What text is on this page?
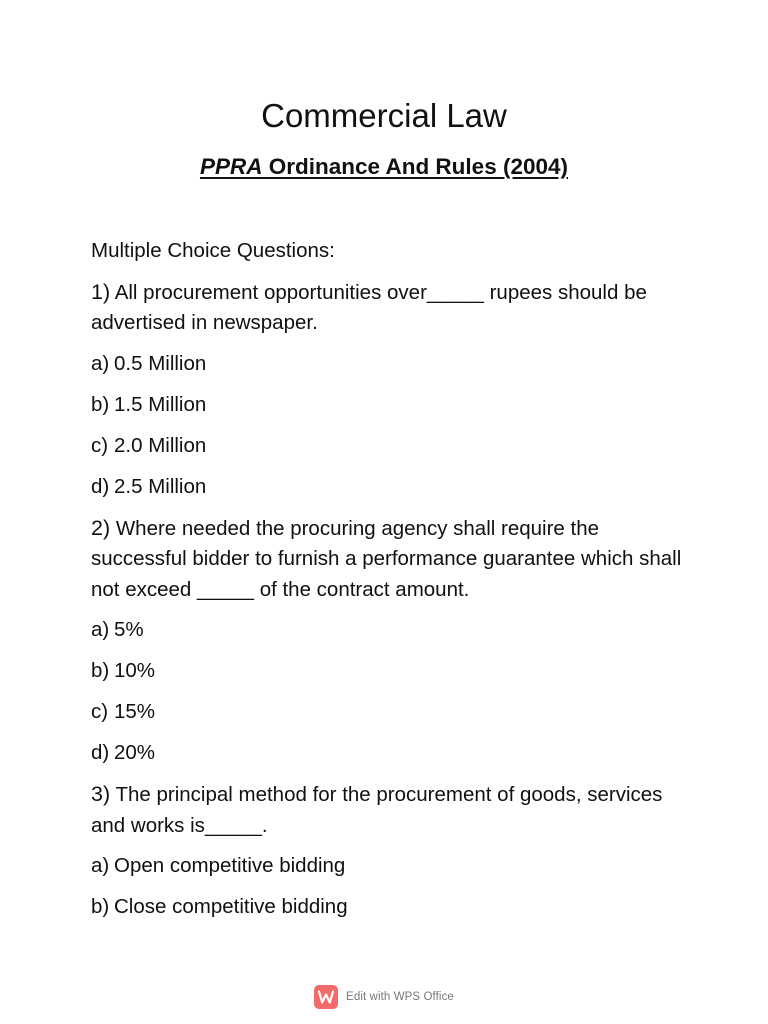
Commercial Law
PPRA Ordinance And Rules (2004)

Multiple Choice Questions:

1) All procurement opportunities over_____ rupees should be advertised in newspaper.

a) 0.5 Million
b) 1.5 Million
c) 2.0 Million
d) 2.5 Million

2) Where needed the procuring agency shall require the successful bidder to furnish a performance guarantee which shall not exceed _____ of the contract amount.

a) 5%
b) 10%
c) 15%
d) 20%

3) The principal method for the procurement of goods, services and works is_____.

a) Open competitive bidding
b) Close competitive bidding
Edit with WPS Office
